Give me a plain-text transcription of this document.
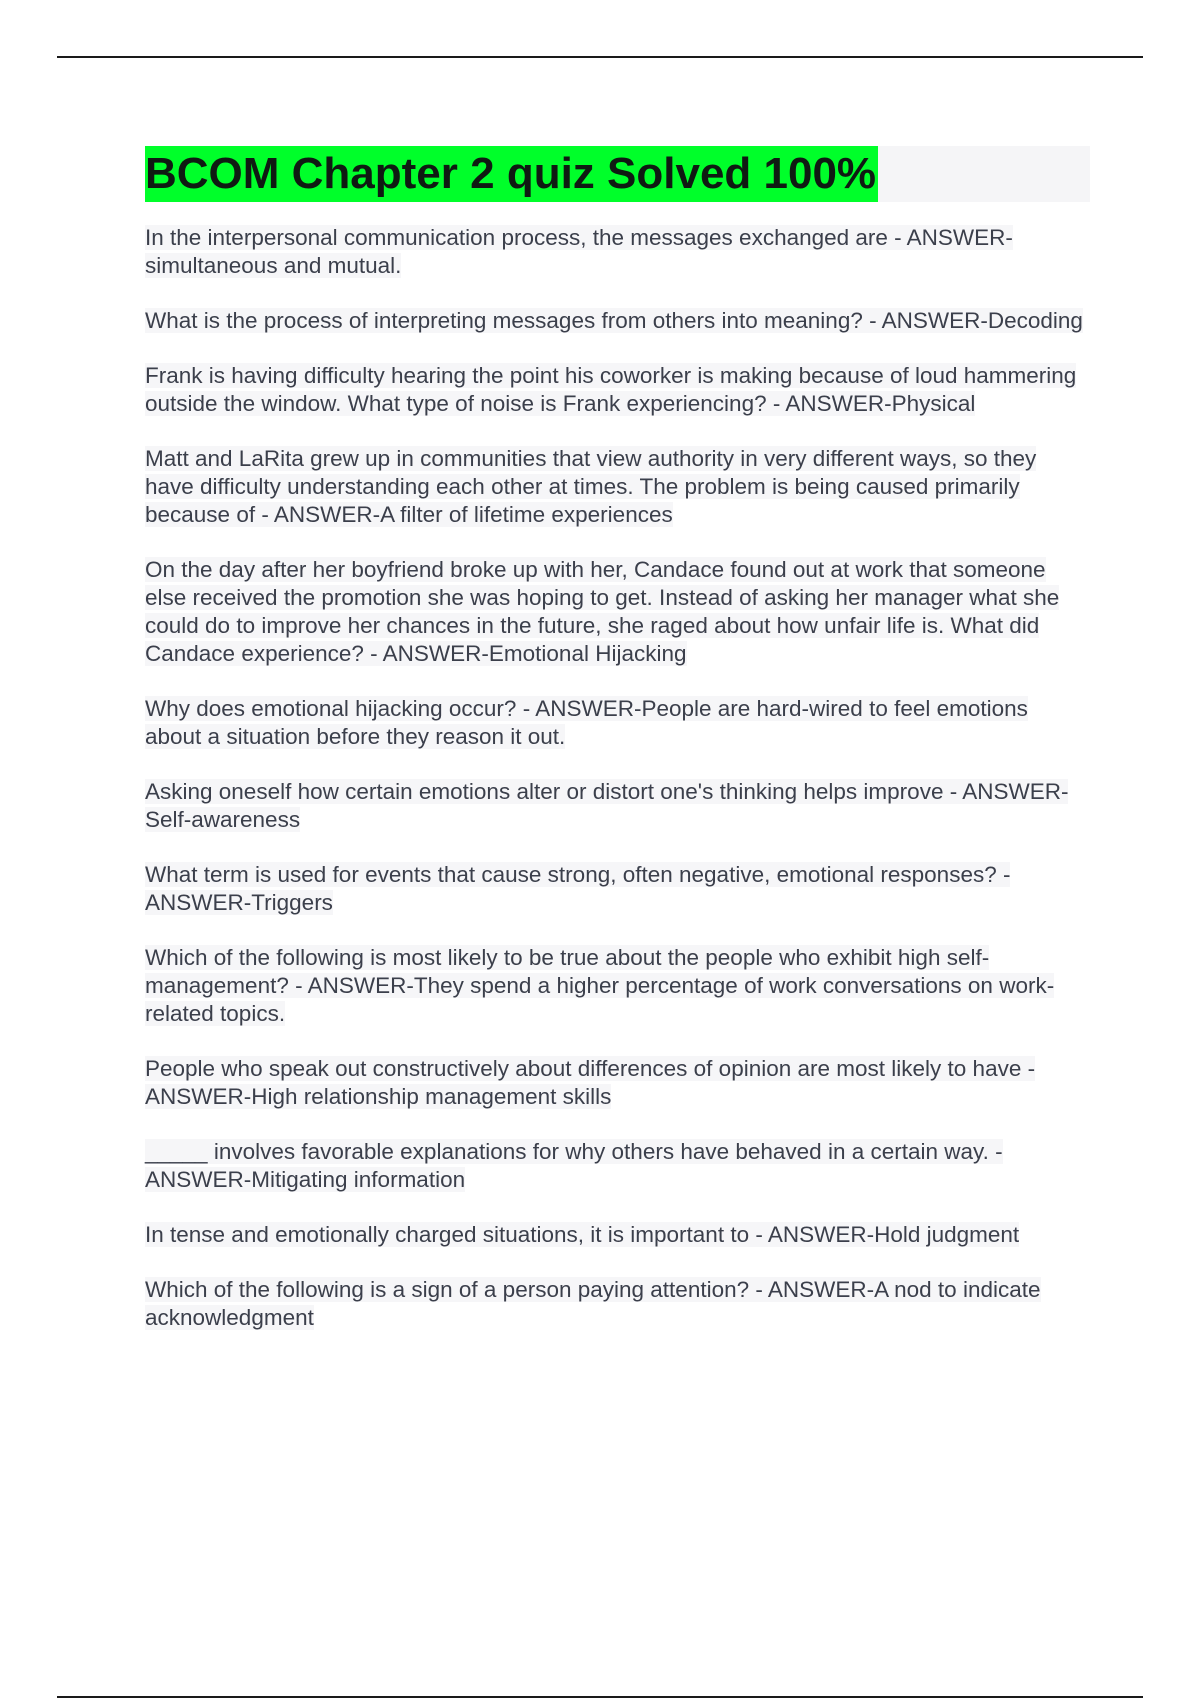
BCOM Chapter 2 quiz Solved 100%

In the interpersonal communication process, the messages exchanged are - ANSWER-simultaneous and mutual.

What is the process of interpreting messages from others into meaning? - ANSWER-Decoding

Frank is having difficulty hearing the point his coworker is making because of loud hammering outside the window. What type of noise is Frank experiencing? - ANSWER-Physical

Matt and LaRita grew up in communities that view authority in very different ways, so they have difficulty understanding each other at times. The problem is being caused primarily because of - ANSWER-A filter of lifetime experiences

On the day after her boyfriend broke up with her, Candace found out at work that someone else received the promotion she was hoping to get. Instead of asking her manager what she could do to improve her chances in the future, she raged about how unfair life is. What did Candace experience? - ANSWER-Emotional Hijacking

Why does emotional hijacking occur? - ANSWER-People are hard-wired to feel emotions about a situation before they reason it out.

Asking oneself how certain emotions alter or distort one's thinking helps improve - ANSWER-Self-awareness

What term is used for events that cause strong, often negative, emotional responses? - ANSWER-Triggers

Which of the following is most likely to be true about the people who exhibit high self-management? - ANSWER-They spend a higher percentage of work conversations on work-related topics.

People who speak out constructively about differences of opinion are most likely to have - ANSWER-High relationship management skills

_____ involves favorable explanations for why others have behaved in a certain way. - ANSWER-Mitigating information

In tense and emotionally charged situations, it is important to - ANSWER-Hold judgment

Which of the following is a sign of a person paying attention? - ANSWER-A nod to indicate acknowledgment
